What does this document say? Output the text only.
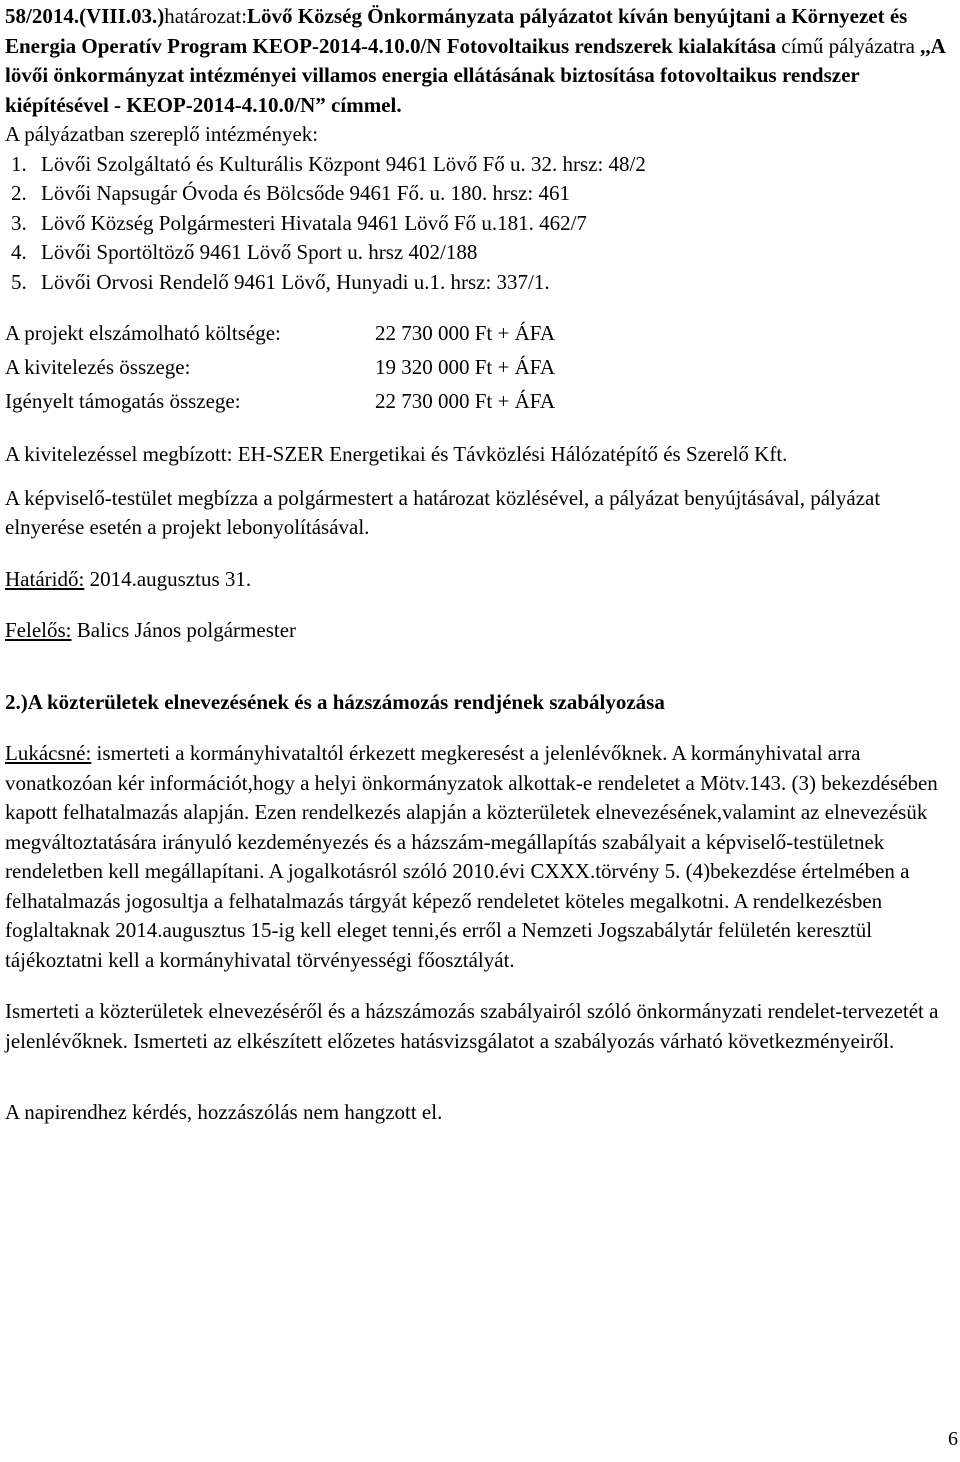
58/2014.(VIII.03.)határozat:Lövő Község Önkormányzata pályázatot kíván benyújtani a Környezet és Energia Operatív Program KEOP-2014-4.10.0/N Fotovoltaikus rendszerek kialakítása című pályázatra ,,A lövői önkormányzat intézményei villamos energia ellátásának biztosítása fotovoltaikus rendszer kiépítésével - KEOP-2014-4.10.0/N” címmel.

A pályázatban szereplő intézmények:

1. Lövői Szolgáltató és Kulturális Központ 9461 Lövő Fő u. 32. hrsz: 48/2
2. Lövői Napsugár Óvoda és Bölcsőde 9461 Fő. u. 180. hrsz: 461
3. Lövő Község Polgármesteri Hivatala 9461 Lövő Fő u.181. 462/7
4. Lövői Sportöltöző 9461 Lövő Sport u. hrsz 402/188
5. Lövői Orvosi Rendelő 9461 Lövő, Hunyadi u.1. hrsz: 337/1.
A projekt elszámolható költsége:	22 730 000 Ft + ÁFA
A kivitelezés összege:	19 320 000 Ft + ÁFA
Igényelt támogatás összege:	22 730 000 Ft + ÁFA

A kivitelezéssel megbízott: EH-SZER Energetikai és Távközlési Hálózatépítő és Szerelő Kft.

A képviselő-testület megbízza a polgármestert a határozat közlésével, a pályázat benyújtásával, pályázat elnyerése esetén a projekt lebonyolításával.

Határidő: 2014.augusztus 31.

Felelős: Balics János polgármester

2.)A közterületek elnevezésének és a házszámozás rendjének szabályozása

Lukácsné: ismerteti a kormányhivataltól érkezett megkeresést a jelenlévőknek. A kormányhivatal arra vonatkozóan kér információt,hogy a helyi önkormányzatok alkottak-e rendeletet a Mötv.143. (3) bekezdésében kapott felhatalmazás alapján. Ezen rendelkezés alapján a közterületek elnevezésének,valamint az elnevezésük megváltoztatására irányuló kezdeményezés és a házszám-megállapítás szabályait a képviselő-testületnek rendeletben kell megállapítani. A jogalkotásról szóló 2010.évi CXXX.törvény 5. (4)bekezdése értelmében a felhatalmazás jogosultja a felhatalmazás tárgyát képező rendeletet köteles megalkotni. A rendelkezésben foglaltaknak 2014.augusztus 15-ig kell eleget tenni,és erről a Nemzeti Jogszabálytár felületén keresztül tájékoztatni kell a kormányhivatal törvényességi főosztályát.

Ismerteti a közterületek elnevezéséről és a házszámozás szabályairól szóló önkormányzati rendelet-tervezetét a jelenlévőknek. Ismerteti az elkészített előzetes hatásvizsgálatot a szabályozás várható következményeiről.

A napirendhez kérdés, hozzászólás nem hangzott el.

6
